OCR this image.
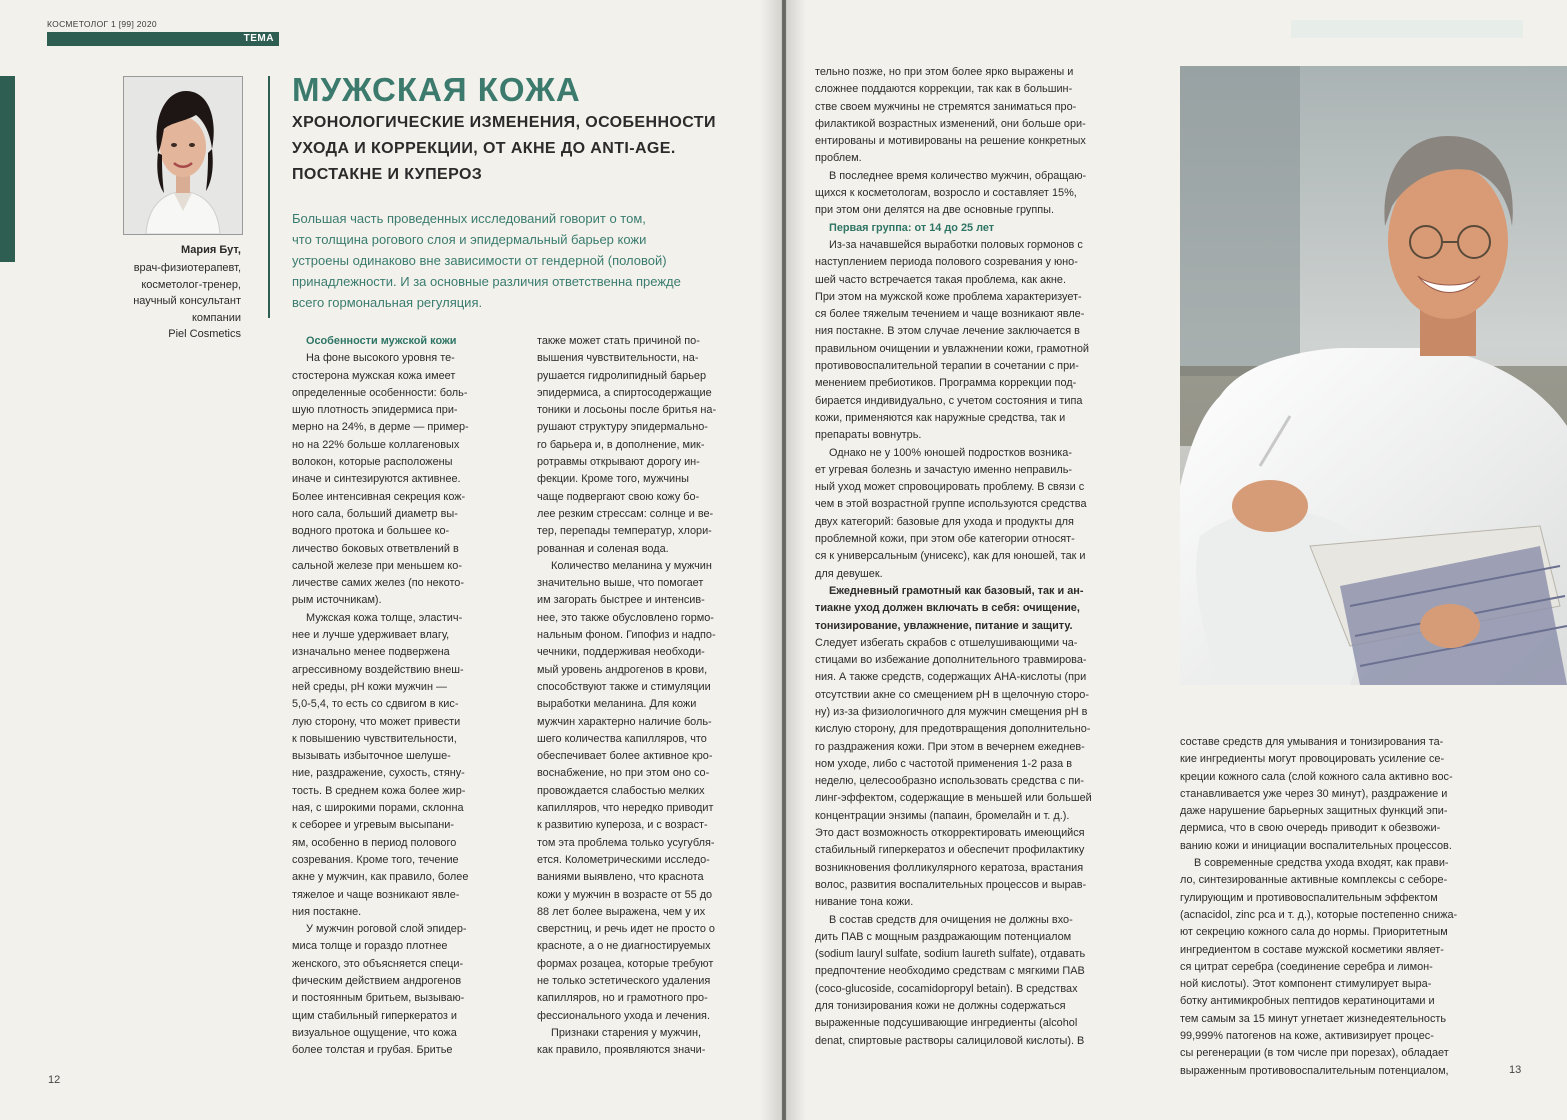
КОСМЕТОЛОГ 1 [99] 2020
ТЕМА
Мария Бут,
врач-физиотерапевт,
косметолог-тренер,
научный консультант
компании
Piel Cosmetics
МУЖСКАЯ КОЖА
ХРОНОЛОГИЧЕСКИЕ ИЗМЕНЕНИЯ, ОСОБЕННОСТИ
УХОДА И КОРРЕКЦИИ, ОТ АКНЕ ДО ANTI-AGE.
ПОСТАКНЕ И КУПЕРОЗ
Большая часть проведенных исследований говорит о том,
что толщина рогового слоя и эпидермальный барьер кожи
устроены одинаково вне зависимости от гендерной (половой)
принадлежности. И за основные различия ответственна прежде
всего гормональная регуляция.
Особенности мужской кожи
На фоне высокого уровня те-
стостерона мужская кожа имеет
определенные особенности: боль-
шую плотность эпидермиса при-
мерно на 24%, в дерме — пример-
но на 22% больше коллагеновых
волокон, которые расположены
иначе и синтезируются активнее.
Более интенсивная секреция кож-
ного сала, больший диаметр вы-
водного протока и большее ко-
личество боковых ответвлений в
сальной железе при меньшем ко-
личестве самих желез (по некото-
рым источникам).
Мужская кожа толще, эластич-
нее и лучше удерживает влагу,
изначально менее подвержена
агрессивному воздействию внеш-
ней среды, pH кожи мужчин —
5,0-5,4, то есть со сдвигом в кис-
лую сторону, что может привести
к повышению чувствительности,
вызывать избыточное шелуше-
ние, раздражение, сухость, стяну-
тость. В среднем кожа более жир-
ная, с широкими порами, склонна
к себорее и угревым высыпани-
ям, особенно в период полового
созревания. Кроме того, течение
акне у мужчин, как правило, более
тяжелое и чаще возникают явле-
ния постакне.
У мужчин роговой слой эпидер-
миса толще и гораздо плотнее
женского, это объясняется специ-
фическим действием андрогенов
и постоянным бритьем, вызываю-
щим стабильный гиперкератоз и
визуальное ощущение, что кожа
более толстая и грубая. Бритье
также может стать причиной по-
вышения чувствительности, на-
рушается гидролипидный барьер
эпидермиса, а спиртосодержащие
тоники и лосьоны после бритья на-
рушают структуру эпидермально-
го барьера и, в дополнение, мик-
ротравмы открывают дорогу ин-
фекции. Кроме того, мужчины
чаще подвергают свою кожу бо-
лее резким стрессам: солнце и ве-
тер, перепады температур, хлори-
рованная и соленая вода.
Количество меланина у мужчин
значительно выше, что помогает
им загорать быстрее и интенсив-
нее, это также обусловлено гормо-
нальным фоном. Гипофиз и надпо-
чечники, поддерживая необходи-
мый уровень андрогенов в крови,
способствуют также и стимуляции
выработки меланина. Для кожи
мужчин характерно наличие боль-
шего количества капилляров, что
обеспечивает более активное кро-
воснабжение, но при этом оно со-
провождается слабостью мелких
капилляров, что нередко приводит
к развитию купероза, и с возраст-
том эта проблема только усугубля-
ется. Колометрическими исследо-
ваниями выявлено, что краснота
кожи у мужчин в возрасте от 55 до
88 лет более выражена, чем у их
сверстниц, и речь идет не просто о
красноте, а о не диагностируемых
формах розацеа, которые требуют
не только эстетического удаления
капилляров, но и грамотного про-
фессионального ухода и лечения.
Признаки старения у мужчин,
как правило, проявляются значи-
12
тельно позже, но при этом более ярко выражены и
сложнее поддаются коррекции, так как в большин-
стве своем мужчины не стремятся заниматься про-
филактикой возрастных изменений, они больше ори-
ентированы и мотивированы на решение конкретных
проблем.
В последнее время количество мужчин, обращаю-
щихся к косметологам, возросло и составляет 15%,
при этом они делятся на две основные группы.
Первая группа: от 14 до 25 лет
Из-за начавшейся выработки половых гормонов с
наступлением периода полового созревания у юно-
шей часто встречается такая проблема, как акне.
При этом на мужской коже проблема характеризует-
ся более тяжелым течением и чаще возникают явле-
ния постакне. В этом случае лечение заключается в
правильном очищении и увлажнении кожи, грамотной
противовоспалительной терапии в сочетании с при-
менением пребиотиков. Программа коррекции под-
бирается индивидуально, с учетом состояния и типа
кожи, применяются как наружные средства, так и
препараты вовнутрь.
Однако не у 100% юношей подростков возника-
ет угревая болезнь и зачастую именно неправиль-
ный уход может спровоцировать проблему. В связи с
чем в этой возрастной группе используются средства
двух категорий: базовые для ухода и продукты для
проблемной кожи, при этом обе категории относят-
ся к универсальным (унисекс), как для юношей, так и
для девушек.
Ежедневный грамотный как базовый, так и ан-
тиакне уход должен включать в себя: очищение,
тонизирование, увлажнение, питание и защиту.
Следует избегать скрабов с отшелушивающими ча-
стицами во избежание дополнительного травмирова-
ния. А также средств, содержащих АНА-кислоты (при
отсутствии акне со смещением pH в щелочную сторо-
ну) из-за физиологичного для мужчин смещения pH в
кислую сторону, для предотвращения дополнительно-
го раздражения кожи. При этом в вечернем ежеднев-
ном уходе, либо с частотой применения 1-2 раза в
неделю, целесообразно использовать средства с пи-
линг-эффектом, содержащие в меньшей или большей
концентрации энзимы (папаин, бромелайн и т. д.).
Это даст возможность откорректировать имеющийся
стабильный гиперкератоз и обеспечит профилактику
возникновения фолликулярного кератоза, врастания
волос, развития воспалительных процессов и вырав-
нивание тона кожи.
В состав средств для очищения не должны вхо-
дить ПАВ с мощным раздражающим потенциалом
(sodium lauryl sulfate, sodium laureth sulfate), отдавать
предпочтение необходимо средствам с мягкими ПАВ
(coco-glucoside, cocamidopropyl betain). В средствах
для тонизирования кожи не должны содержаться
выраженные подсушивающие ингредиенты (alcohol
denat, спиртовые растворы салициловой кислоты). В
составе средств для умывания и тонизирования та-
кие ингредиенты могут провоцировать усиление се-
креции кожного сала (слой кожного сала активно вос-
станавливается уже через 30 минут), раздражение и
даже нарушение барьерных защитных функций эпи-
дермиса, что в свою очередь приводит к обезвожи-
ванию кожи и инициации воспалительных процессов.
В современные средства ухода входят, как прави-
ло, синтезированные активные комплексы с себоре-
гулирующим и противовоспалительным эффектом
(acnacidol, zinc pca и т. д.), которые постепенно снижа-
ют секрецию кожного сала до нормы. Приоритетным
ингредиентом в составе мужской косметики являет-
ся цитрат серебра (соединение серебра и лимон-
ной кислоты). Этот компонент стимулирует выра-
ботку антимикробных пептидов кератиноцитами и
тем самым за 15 минут угнетает жизнедеятельность
99,999% патогенов на коже, активизирует процес-
сы регенерации (в том числе при порезах), обладает
выраженным противовоспалительным потенциалом,	13
